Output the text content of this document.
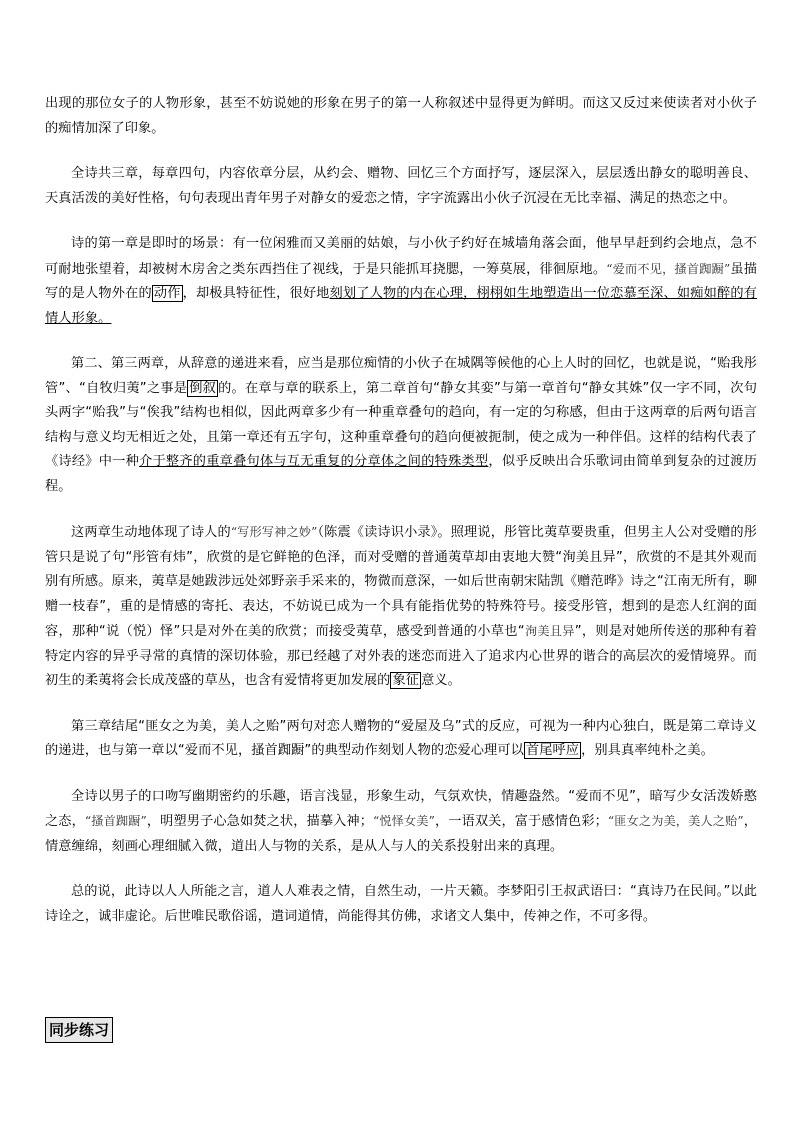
出现的那位女子的人物形象，甚至不妨说她的形象在男子的第一人称叙述中显得更为鲜明。而这又反过来使读者对小伙子的痴情加深了印象。

全诗共三章，每章四句，内容依章分层，从约会、赠物、回忆三个方面抒写，逐层深入，层层透出静女的聪明善良、天真活泼的美好性格，句句表现出青年男子对静女的爱恋之情，字字流露出小伙子沉浸在无比幸福、满足的热恋之中。

诗的第一章是即时的场景：有一位闲雅而又美丽的姑娘，与小伙子约好在城墙角落会面，他早早赶到约会地点，急不可耐地张望着，却被树木房舍之类东西挡住了视线，于是只能抓耳挠腮，一筹莫展，徘徊原地。“爱而不见，搔首踟蹰”虽描写的是人物外在的 动作 ，却极具特征性，很好地刻划了人物的内在心理，栩栩如生地塑造出一位恋慕至深、如痴如醉的有情人形象。

第二、第三两章，从辞意的递进来看，应当是那位痴情的小伙子在城隅等候他的心上人时的回忆，也就是说，“贻我彤管”、“自牧归荑”之事是 倒叙 的。在章与章的联系上，第二章首句“静女其娈”与第一章首句“静女其姝”仅一字不同，次句头两字“贻我”与“俟我”结构也相似，因此两章多少有一种重章叠句的趋向，有一定的匀称感，但由于这两章的后两句语言结构与意义均无相近之处，且第一章还有五字句，这种重章叠句的趋向便被扼制，使之成为一种伴侣。这样的结构代表了《诗经》中一种介于整齐的重章叠句体与互无重复的分章体之间的特殊类型，似乎反映出合乐歌词由简单到复杂的过渡历程。

这两章生动地体现了诗人的“写形写神之妙”（陈震《读诗识小录》。照理说，彤管比荑草要贵重，但男主人公对受赠的彤管只是说了句“彤管有炜”，欣赏的是它鲜艳的色泽，而对受赠的普通荑草却由衷地大赞“洵美且异”，欣赏的不是其外观而别有所感。原来，荑草是她跋涉远处郊野亲手采来的，物微而意深，一如后世南朝宋陆凯《赠范晔》诗之“江南无所有，聊赠一枝春”，重的是情感的寄托、表达，不妨说已成为一个具有能指优势的特殊符号。接受彤管，想到的是恋人红润的面容，那种“说（悦）怿”只是对外在美的欣赏；而接受荑草，感受到普通的小草也“洵美且异”，则是对她所传送的那种有着特定内容的异乎寻常的真情的深切体验，那已经越了对外表的迷恋而进入了追求内心世界的谐合的高层次的爱情境界。而初生的柔荑将会长成茂盛的草丛，也含有爱情将更加发展的 象征 意义。

第三章结尾“匪女之为美，美人之贻”两句对恋人赠物的“爱屋及乌”式的反应，可视为一种内心独白，既是第二章诗义的递进，也与第一章以“爱而不见，搔首踟蹰”的典型动作刻划人物的恋爱心理可以 首尾呼应 ，别具真率纯朴之美。

全诗以男子的口吻写幽期密约的乐趣，语言浅显，形象生动，气氛欢快，情趣盎然。“爱而不见”，暗写少女活泼娇憨之态，“搔首踟蹰”，明塑男子心急如焚之状，描摹入神；“悦怿女美”，一语双关，富于感情色彩；“匪女之为美，美人之贻”，情意缠绵，刻画心理细腻入微，道出人与物的关系，是从人与人的关系投射出来的真理。

总的说，此诗以人人所能之言，道人人难表之情，自然生动，一片天籁。李梦阳引王叔武语曰：“真诗乃在民间。”以此诗诠之，诚非虚论。后世唯民歌俗谣，遣词道情，尚能得其仿佛，求诸文人集中，传神之作，不可多得。

同步练习
